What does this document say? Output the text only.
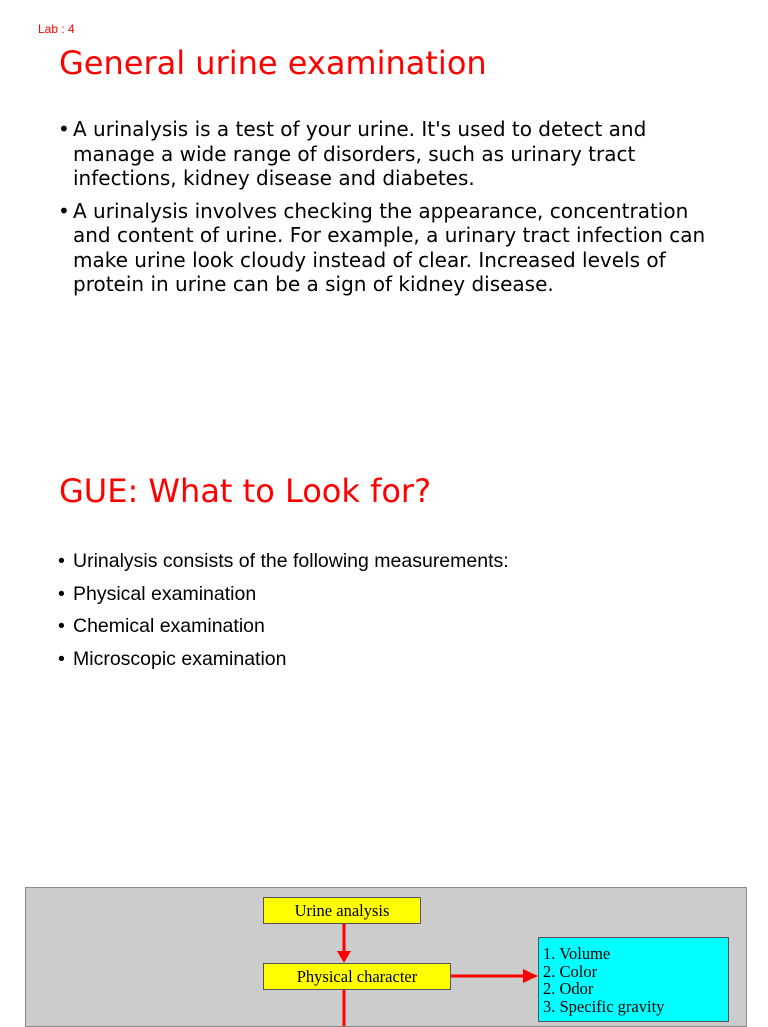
Lab : 4
General urine examination
• A urinalysis is a test of your urine. It's used to detect and manage a wide range of disorders, such as urinary tract infections, kidney disease and diabetes.
• A urinalysis involves checking the appearance, concentration and content of urine. For example, a urinary tract infection can make urine look cloudy instead of clear. Increased levels of protein in urine can be a sign of kidney disease.
GUE: What to Look for?
• Urinalysis consists of the following measurements:
• Physical examination
• Chemical examination
• Microscopic examination
Urine analysis
Physical character
1. Volume
2. Color
2. Odor
3. Specific gravity
